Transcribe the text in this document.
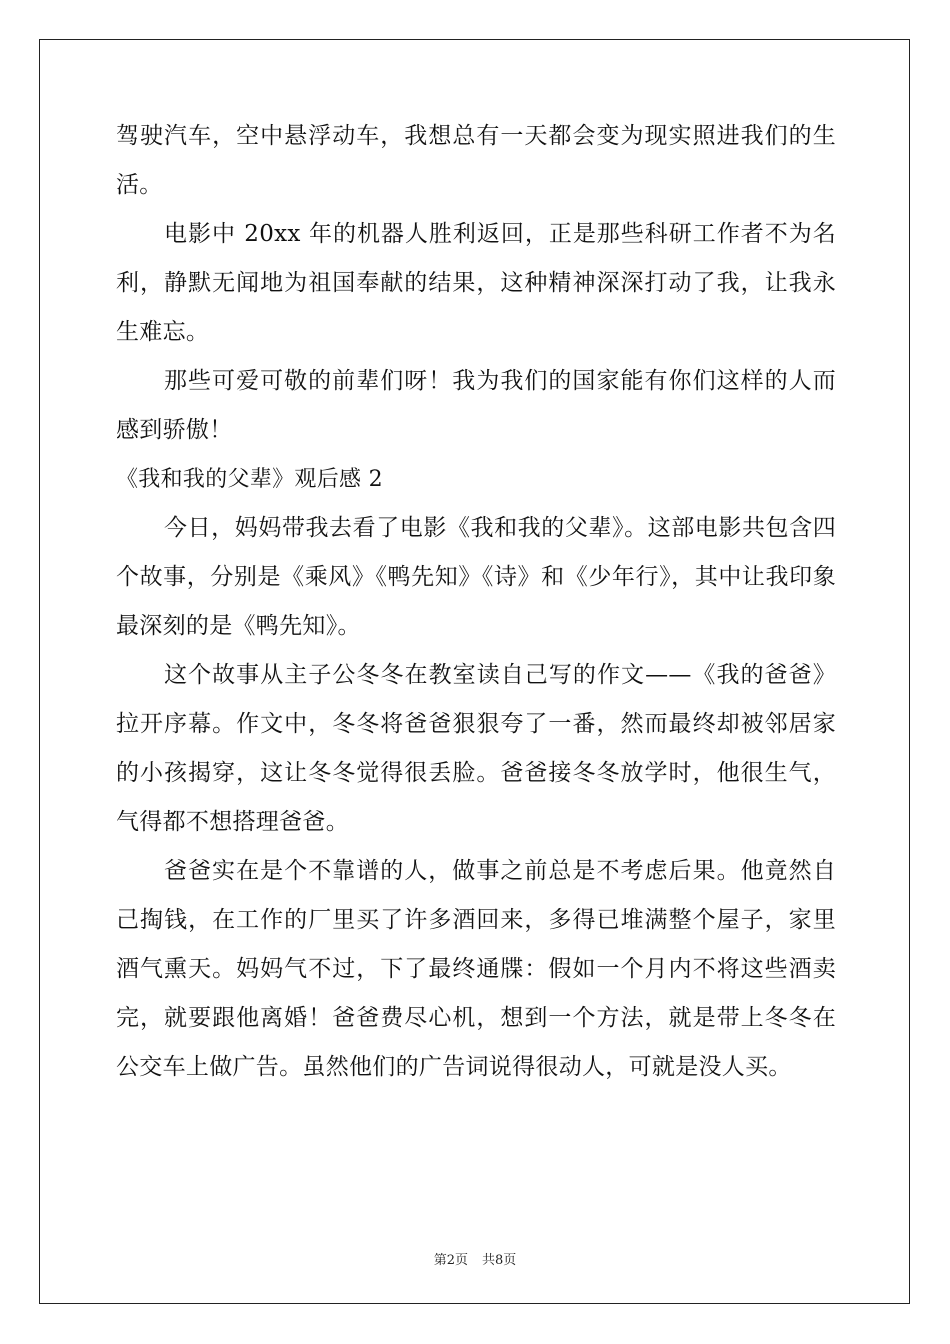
驾驶汽车，空中悬浮动车，我想总有一天都会变为现实照进我们的生活。

电影中 20xx 年的机器人胜利返回，正是那些科研工作者不为名利，静默无闻地为祖国奉献的结果，这种精神深深打动了我，让我永生难忘。

那些可爱可敬的前辈们呀！我为我们的国家能有你们这样的人而感到骄傲！

《我和我的父辈》观后感 2

今日，妈妈带我去看了电影《我和我的父辈》。这部电影共包含四个故事，分别是《乘风》《鸭先知》《诗》和《少年行》，其中让我印象最深刻的是《鸭先知》。

这个故事从主子公冬冬在教室读自己写的作文——《我的爸爸》拉开序幕。作文中，冬冬将爸爸狠狠夸了一番，然而最终却被邻居家的小孩揭穿，这让冬冬觉得很丢脸。爸爸接冬冬放学时，他很生气，气得都不想搭理爸爸。

爸爸实在是个不靠谱的人，做事之前总是不考虑后果。他竟然自己掏钱，在工作的厂里买了许多酒回来，多得已堆满整个屋子，家里酒气熏天。妈妈气不过，下了最终通牒：假如一个月内不将这些酒卖完，就要跟他离婚！爸爸费尽心机，想到一个方法，就是带上冬冬在公交车上做广告。虽然他们的广告词说得很动人，可就是没人买。

第2页 共8页
